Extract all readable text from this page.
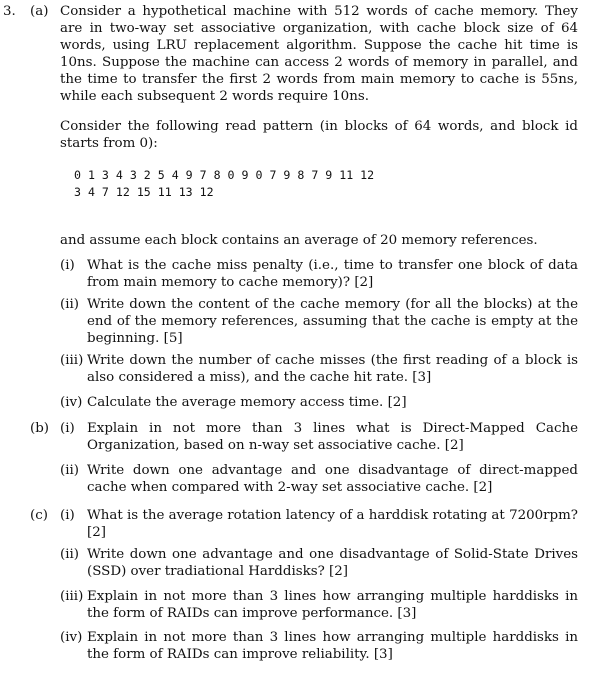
3. (a) Consider a hypothetical machine with 512 words of cache memory. They are in two-way set associative organization, with cache block size of 64 words, using LRU replacement algorithm. Suppose the cache hit time is 10ns. Suppose the machine can access 2 words of memory in parallel, and the time to transfer the first 2 words from main memory to cache is 55ns, while each subsequent 2 words require 10ns.
Consider the following read pattern (in blocks of 64 words, and block id starts from 0):
0 1 3 4 3 2 5 4 9 7 8 0 9 0 7 9 8 7 9 11 12
3 4 7 12 15 11 13 12
and assume each block contains an average of 20 memory references.
(i) What is the cache miss penalty (i.e., time to transfer one block of data from main memory to cache memory)? [2]
(ii) Write down the content of the cache memory (for all the blocks) at the end of the memory references, assuming that the cache is empty at the beginning. [5]
(iii) Write down the number of cache misses (the first reading of a block is also considered a miss), and the cache hit rate. [3]
(iv) Calculate the average memory access time. [2]
(b) (i) Explain in not more than 3 lines what is Direct-Mapped Cache Organization, based on n-way set associative cache. [2]
(ii) Write down one advantage and one disadvantage of direct-mapped cache when compared with 2-way set associative cache. [2]
(c) (i) What is the average rotation latency of a harddisk rotating at 7200rpm? [2]
(ii) Write down one advantage and one disadvantage of Solid-State Drives (SSD) over tradiational Harddisks? [2]
(iii) Explain in not more than 3 lines how arranging multiple harddisks in the form of RAIDs can improve performance. [3]
(iv) Explain in not more than 3 lines how arranging multiple harddisks in the form of RAIDs can improve reliability. [3]
